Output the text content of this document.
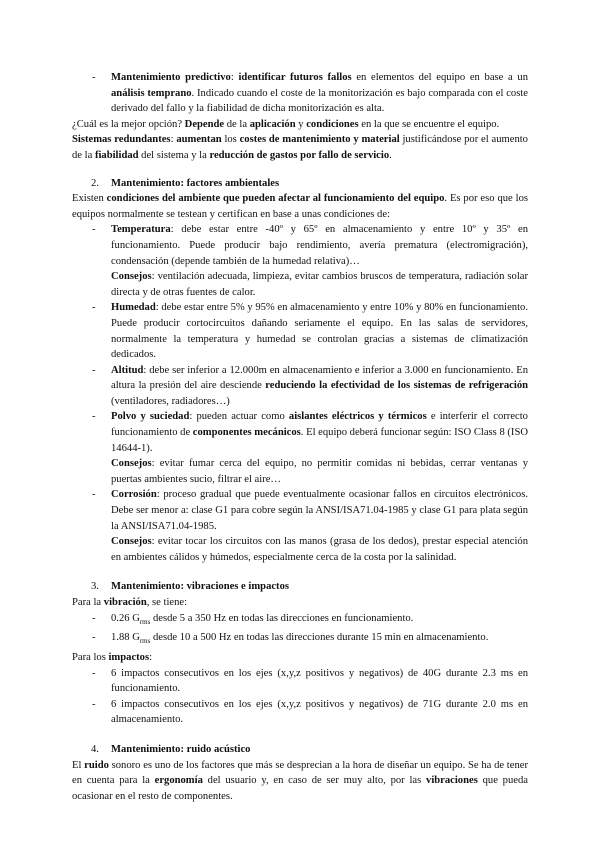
-	Mantenimiento predictivo: identificar futuros fallos en elementos del equipo en base a un análisis temprano. Indicado cuando el coste de la monitorización es bajo comparada con el coste derivado del fallo y la fiabilidad de dicha monitorización es alta.

¿Cuál es la mejor opción? Depende de la aplicación y condiciones en la que se encuentre el equipo.

Sistemas redundantes: aumentan los costes de mantenimiento y material justificándose por el aumento de la fiabilidad del sistema y la reducción de gastos por fallo de servicio.

2.	Mantenimiento: factores ambientales

Existen condiciones del ambiente que pueden afectar al funcionamiento del equipo. Es por eso que los equipos normalmente se testean y certifican en base a unas condiciones de:

-	Temperatura: debe estar entre -40º y 65º en almacenamiento y entre 10º y 35º en funcionamiento. Puede producir bajo rendimiento, avería prematura (electromigración), condensación (depende también de la humedad relativa)…

Consejos: ventilación adecuada, limpieza, evitar cambios bruscos de temperatura, radiación solar directa y de otras fuentes de calor.

-	Humedad: debe estar entre 5% y 95% en almacenamiento y entre 10% y 80% en funcionamiento. Puede producir cortocircuitos dañando seriamente el equipo. En las salas de servidores, normalmente la temperatura y humedad se controlan gracias a sistemas de climatización dedicados.

-	Altitud: debe ser inferior a 12.000m en almacenamiento e inferior a 3.000 en funcionamiento. En altura la presión del aire desciende reduciendo la efectividad de los sistemas de refrigeración (ventiladores, radiadores…)

-	Polvo y suciedad: pueden actuar como aislantes eléctricos y térmicos e interferir el correcto funcionamiento de componentes mecánicos. El equipo deberá funcionar según: ISO Class 8 (ISO 14644-1).

Consejos: evitar fumar cerca del equipo, no permitir comidas ni bebidas, cerrar ventanas y puertas ambientes sucio, filtrar el aire…

-	Corrosión: proceso gradual que puede eventualmente ocasionar fallos en circuitos electrónicos. Debe ser menor a: clase G1 para cobre según la ANSI/ISA71.04-1985 y clase G1 para plata según la ANSI/ISA71.04-1985.

Consejos: evitar tocar los circuitos con las manos (grasa de los dedos), prestar especial atención en ambientes cálidos y húmedos, especialmente cerca de la costa por la salinidad.

3.	Mantenimiento: vibraciones e impactos

Para la vibración, se tiene:

-	0.26 $G_{rms}$ desde 5 a 350 Hz en todas las direcciones en funcionamiento.

-	1.88 $G_{rms}$ desde 10 a 500 Hz en todas las direcciones durante 15 min en almacenamiento.

Para los impactos:

-	6 impactos consecutivos en los ejes (x,y,z positivos y negativos) de 40G durante 2.3 ms en funcionamiento.

-	6 impactos consecutivos en los ejes (x,y,z positivos y negativos) de 71G durante 2.0 ms en almacenamiento.

4.	Mantenimiento: ruido acústico

El ruido sonoro es uno de los factores que más se desprecian a la hora de diseñar un equipo. Se ha de tener en cuenta para la ergonomía del usuario y, en caso de ser muy alto, por las vibraciones que pueda ocasionar en el resto de componentes.
